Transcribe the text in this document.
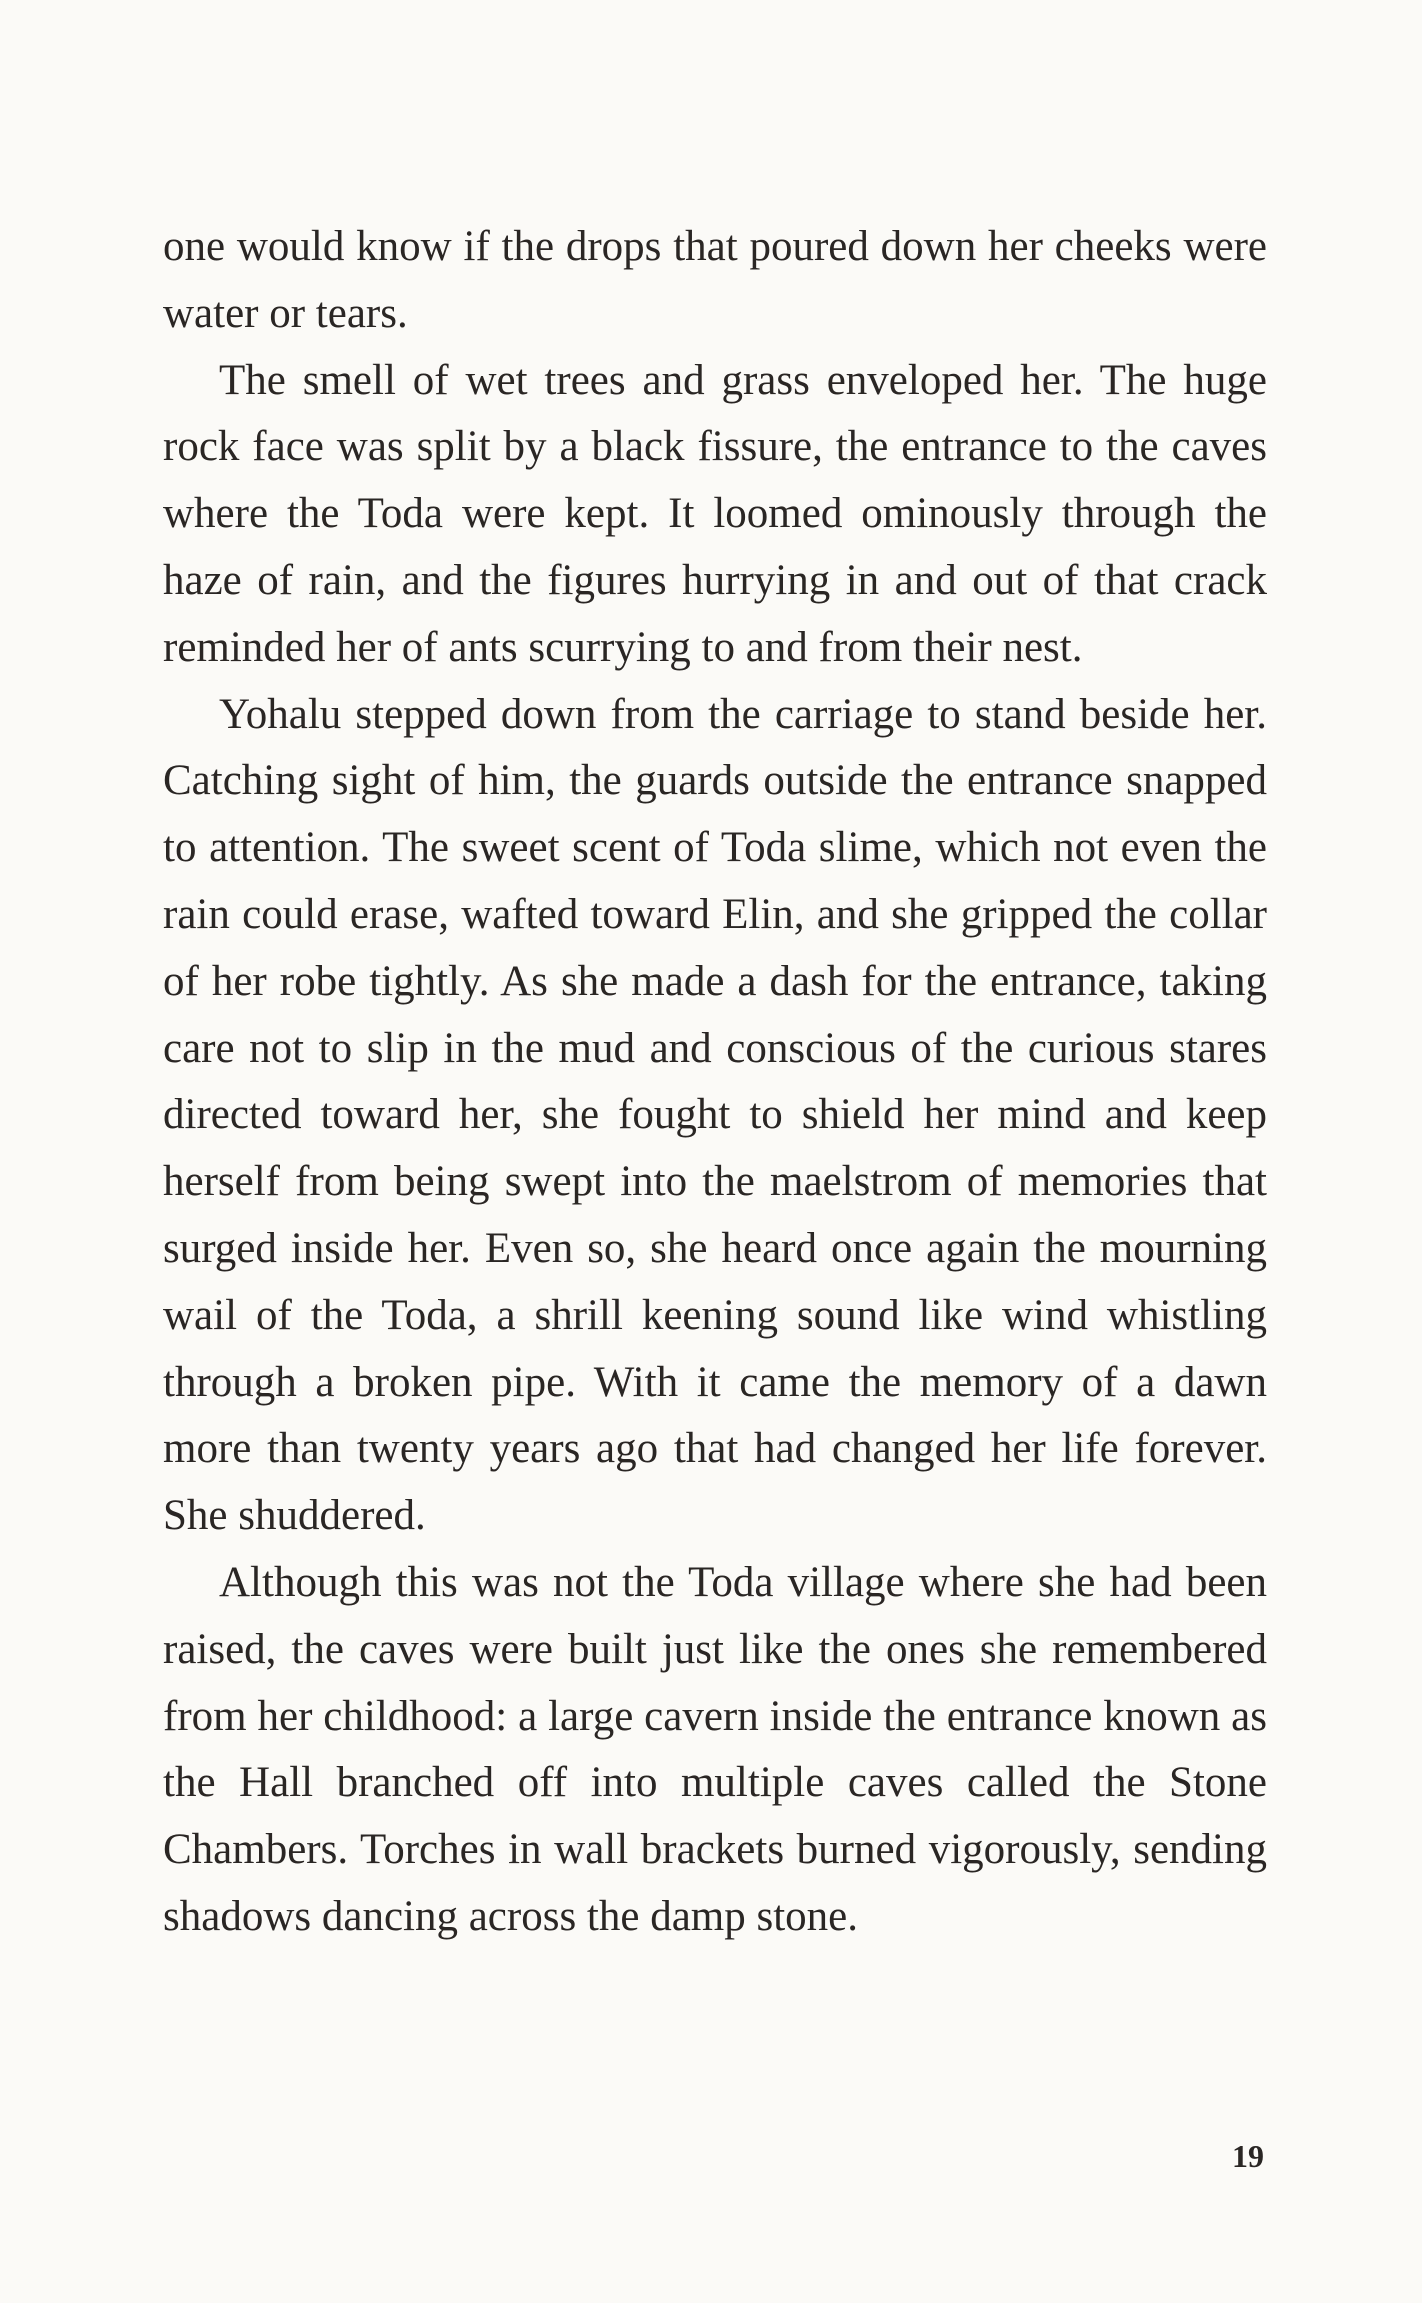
one would know if the drops that poured down her cheeks were water or tears.

The smell of wet trees and grass enveloped her. The huge rock face was split by a black fissure, the entrance to the caves where the Toda were kept. It loomed ominously through the haze of rain, and the figures hurrying in and out of that crack reminded her of ants scurrying to and from their nest.

Yohalu stepped down from the carriage to stand beside her. Catching sight of him, the guards outside the entrance snapped to attention. The sweet scent of Toda slime, which not even the rain could erase, wafted toward Elin, and she gripped the collar of her robe tightly. As she made a dash for the entrance, taking care not to slip in the mud and conscious of the curious stares directed toward her, she fought to shield her mind and keep herself from being swept into the maelstrom of memories that surged inside her. Even so, she heard once again the mourning wail of the Toda, a shrill keening sound like wind whistling through a broken pipe. With it came the memory of a dawn more than twenty years ago that had changed her life forever. She shuddered.

Although this was not the Toda village where she had been raised, the caves were built just like the ones she remembered from her childhood: a large cavern inside the entrance known as the Hall branched off into multiple caves called the Stone Chambers. Torches in wall brackets burned vigorously, sending shadows dancing across the damp stone.

19
